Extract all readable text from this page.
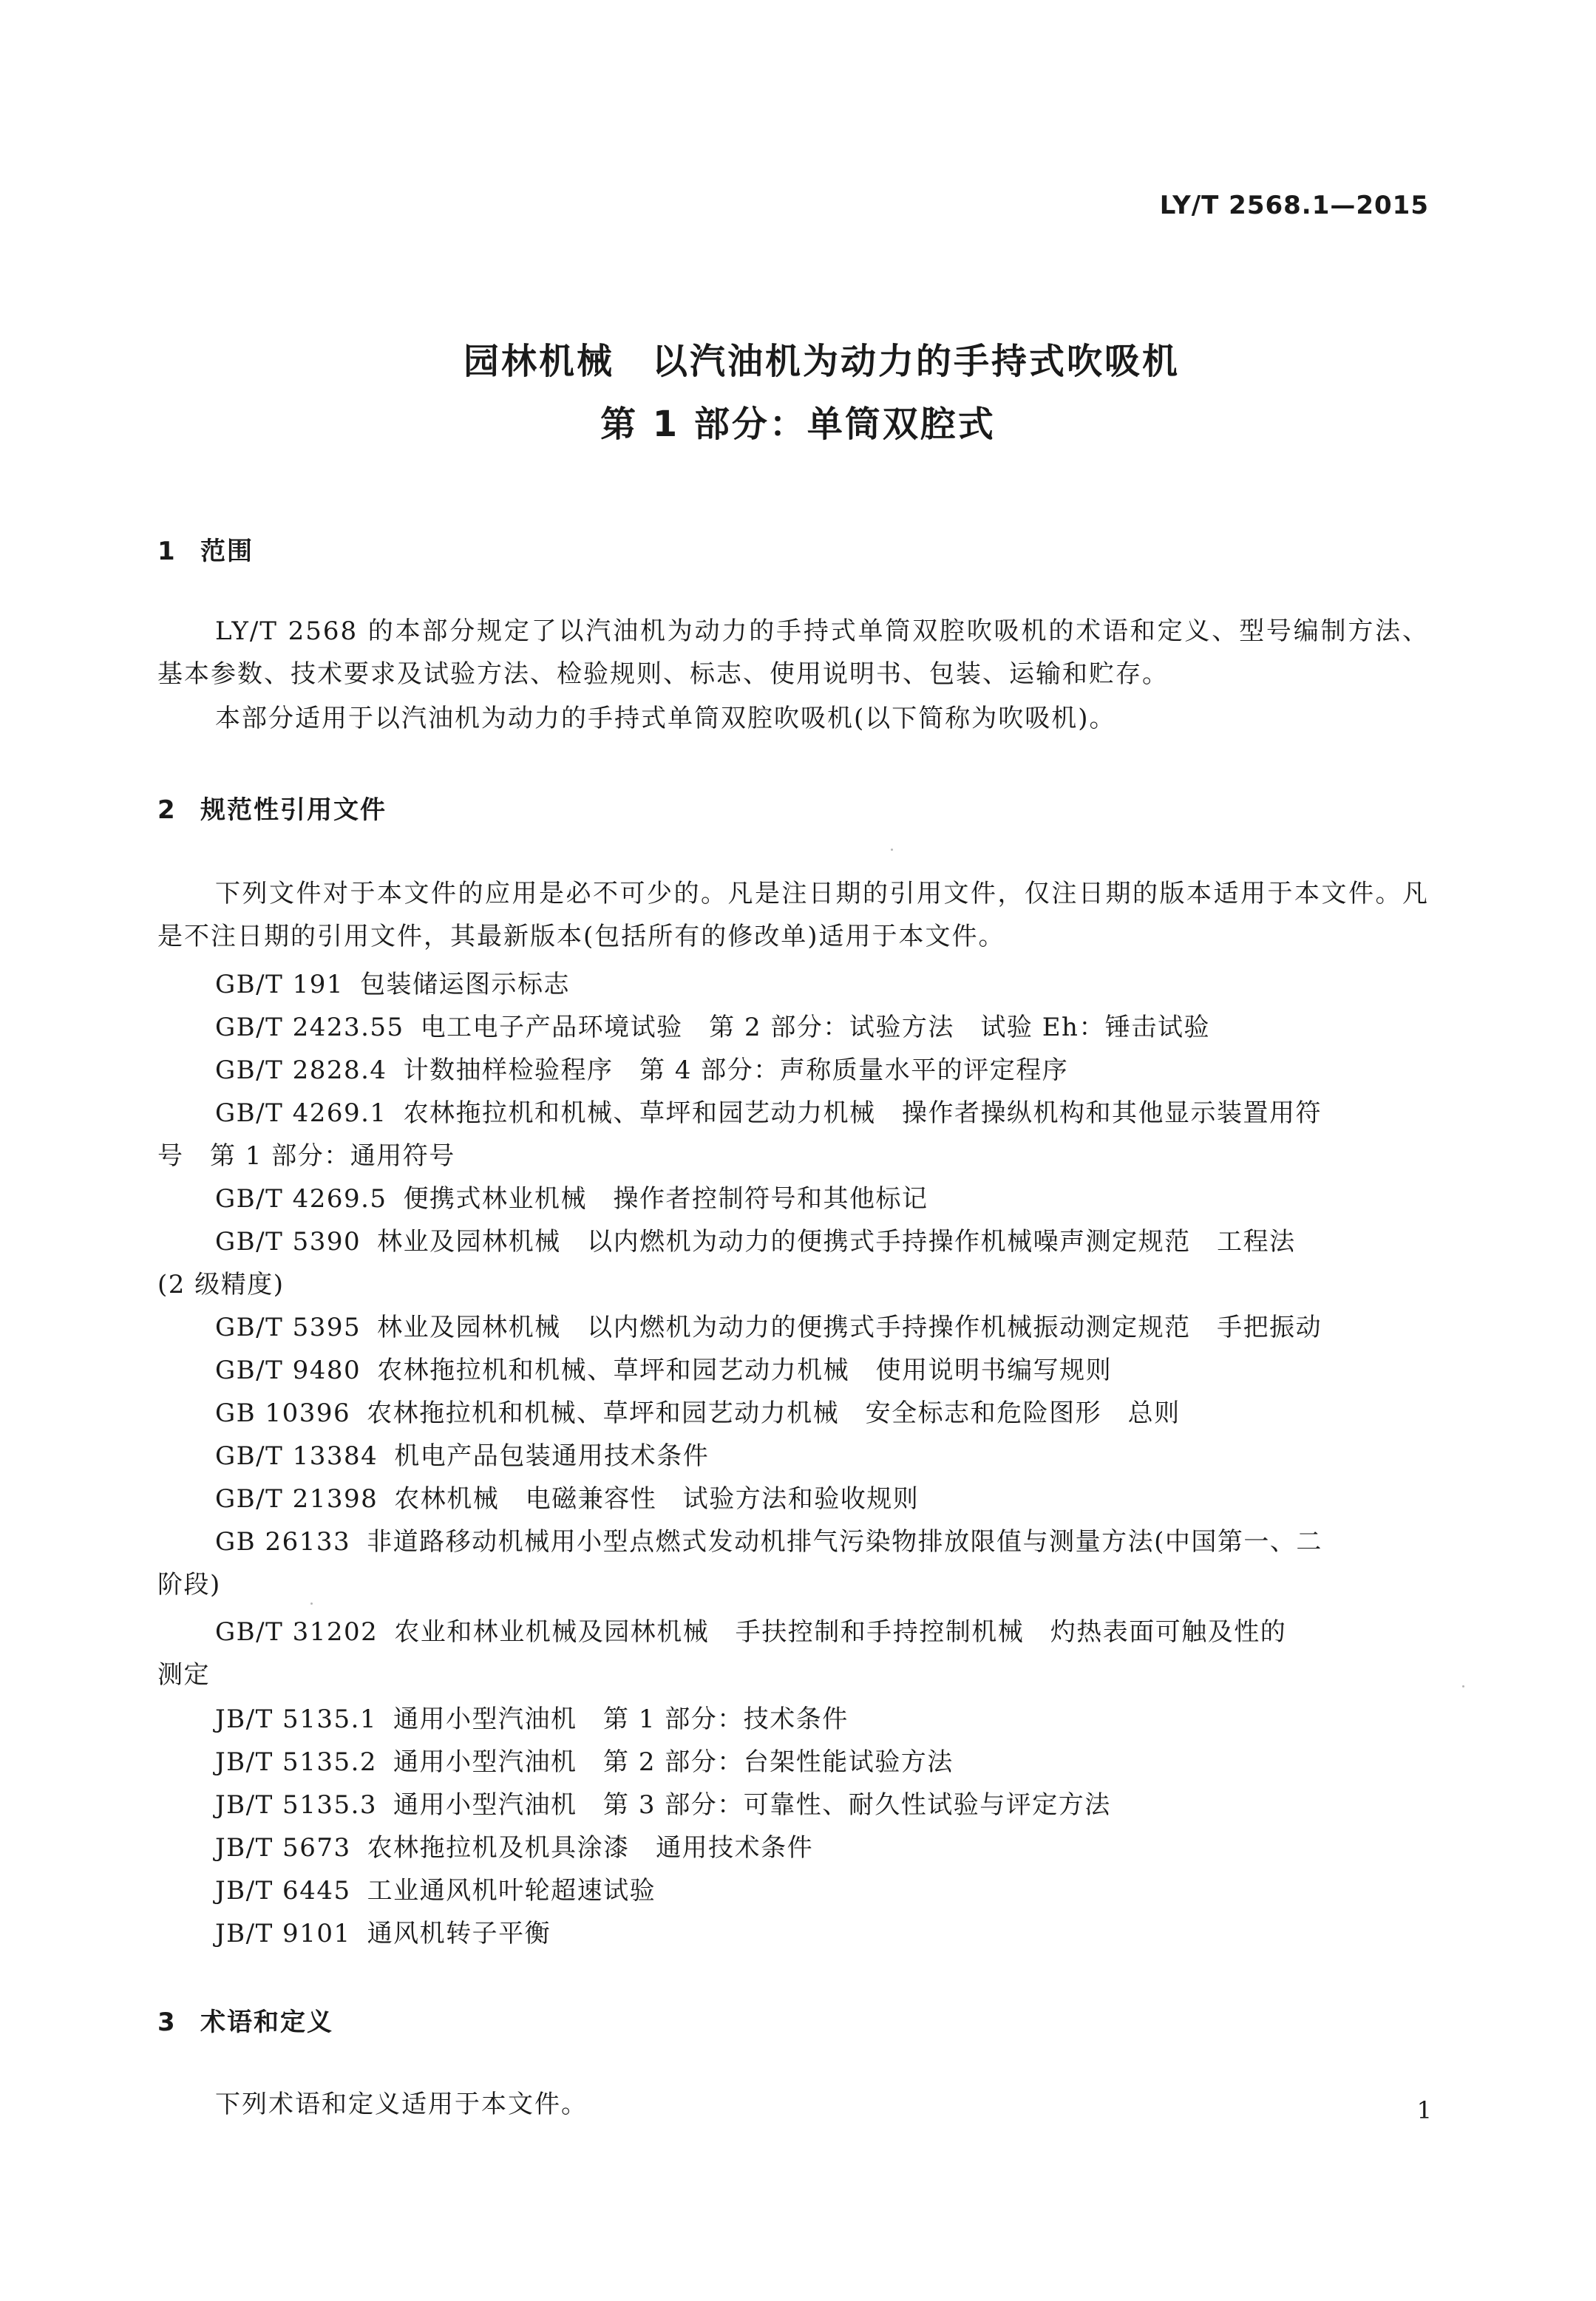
LY/T 2568.1—2015
园林机械　以汽油机为动力的手持式吹吸机
第 1 部分：单筒双腔式
1 范围
LY/T 2568 的本部分规定了以汽油机为动力的手持式单筒双腔吹吸机的术语和定义、型号编制方法、基本参数、技术要求及试验方法、检验规则、标志、使用说明书、包装、运输和贮存。
本部分适用于以汽油机为动力的手持式单筒双腔吹吸机(以下简称为吹吸机)。
2 规范性引用文件
下列文件对于本文件的应用是必不可少的。凡是注日期的引用文件，仅注日期的版本适用于本文件。凡是不注日期的引用文件，其最新版本(包括所有的修改单)适用于本文件。
GB/T 191 包装储运图示标志
GB/T 2423.55 电工电子产品环境试验　第 2 部分：试验方法　试验 Eh：锤击试验
GB/T 2828.4 计数抽样检验程序　第 4 部分：声称质量水平的评定程序
GB/T 4269.1 农林拖拉机和机械、草坪和园艺动力机械　操作者操纵机构和其他显示装置用符
号　第 1 部分：通用符号
GB/T 4269.5 便携式林业机械　操作者控制符号和其他标记
GB/T 5390 林业及园林机械　以内燃机为动力的便携式手持操作机械噪声测定规范　工程法
(2 级精度)
GB/T 5395 林业及园林机械　以内燃机为动力的便携式手持操作机械振动测定规范　手把振动
GB/T 9480 农林拖拉机和机械、草坪和园艺动力机械　使用说明书编写规则
GB 10396 农林拖拉机和机械、草坪和园艺动力机械　安全标志和危险图形　总则
GB/T 13384 机电产品包装通用技术条件
GB/T 21398 农林机械　电磁兼容性　试验方法和验收规则
GB 26133 非道路移动机械用小型点燃式发动机排气污染物排放限值与测量方法(中国第一、二
阶段)
GB/T 31202 农业和林业机械及园林机械　手扶控制和手持控制机械　灼热表面可触及性的
测定
JB/T 5135.1 通用小型汽油机　第 1 部分：技术条件
JB/T 5135.2 通用小型汽油机　第 2 部分：台架性能试验方法
JB/T 5135.3 通用小型汽油机　第 3 部分：可靠性、耐久性试验与评定方法
JB/T 5673 农林拖拉机及机具涂漆　通用技术条件
JB/T 6445 工业通风机叶轮超速试验
JB/T 9101 通风机转子平衡
3 术语和定义
下列术语和定义适用于本文件。	1
